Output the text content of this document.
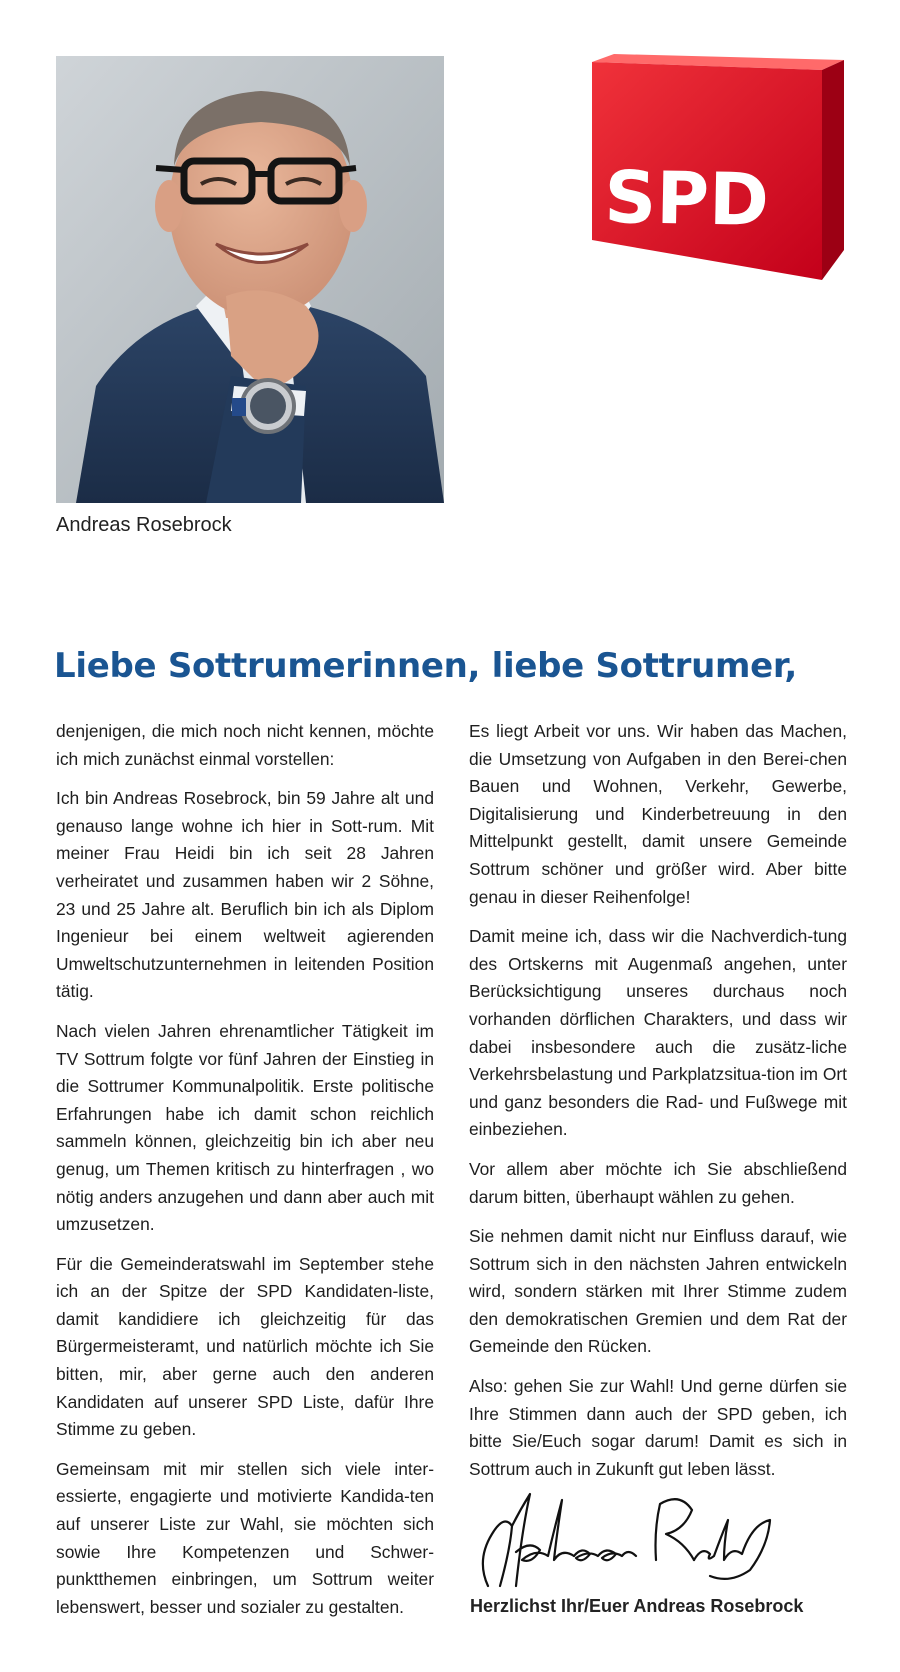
Andreas Rosebrock
SPD
Liebe Sottrumerinnen, liebe Sottrumer,

denjenigen, die mich noch nicht kennen, möchte ich mich zunächst einmal vorstellen:

Ich bin Andreas Rosebrock, bin 59 Jahre alt und genauso lange wohne ich hier in Sott-rum. Mit meiner Frau Heidi bin ich seit 28 Jahren verheiratet und zusammen haben wir 2 Söhne, 23 und 25 Jahre alt. Beruflich bin ich als Diplom Ingenieur bei einem weltweit agierenden Umweltschutzunternehmen in leitenden Position tätig.

Nach vielen Jahren ehrenamtlicher Tätigkeit im TV Sottrum folgte vor fünf Jahren der Einstieg in die Sottrumer Kommunalpolitik. Erste politische Erfahrungen habe ich damit schon reichlich sammeln können, gleichzeitig bin ich aber neu genug, um Themen kritisch zu hinterfragen , wo nötig anders anzugehen und dann aber auch mit umzusetzen.

Für die Gemeinderatswahl im September stehe ich an der Spitze der SPD Kandidaten-liste, damit kandidiere ich gleichzeitig für das Bürgermeisteramt, und natürlich möchte ich Sie bitten, mir, aber gerne auch den anderen Kandidaten auf unserer SPD Liste, dafür Ihre Stimme zu geben.

Gemeinsam mit mir stellen sich viele inter-essierte, engagierte und motivierte Kandida-ten auf unserer Liste zur Wahl, sie möchten sich sowie Ihre Kompetenzen und Schwer-punktthemen einbringen, um Sottrum weiter lebenswert, besser und sozialer zu gestalten.

Es liegt Arbeit vor uns. Wir haben das Machen, die Umsetzung von Aufgaben in den Berei-chen Bauen und Wohnen, Verkehr, Gewerbe, Digitalisierung und Kinderbetreuung in den Mittelpunkt gestellt, damit unsere Gemeinde Sottrum schöner und größer wird. Aber bitte genau in dieser Reihenfolge!

Damit meine ich, dass wir die Nachverdich-tung des Ortskerns mit Augenmaß angehen, unter Berücksichtigung unseres durchaus noch vorhanden dörflichen Charakters, und dass wir dabei insbesondere auch die zusätz-liche Verkehrsbelastung und Parkplatzsitua-tion im Ort und ganz besonders die Rad- und Fußwege mit einbeziehen.

Vor allem aber möchte ich Sie abschließend darum bitten, überhaupt wählen zu gehen.

Sie nehmen damit nicht nur Einfluss darauf, wie Sottrum sich in den nächsten Jahren entwickeln wird, sondern stärken mit Ihrer Stimme zudem den demokratischen Gremien und dem Rat der Gemeinde den Rücken.

Also: gehen Sie zur Wahl! Und gerne dürfen sie Ihre Stimmen dann auch der SPD geben, ich bitte Sie/Euch sogar darum! Damit es sich in Sottrum auch in Zukunft gut leben lässt.

Herzlichst Ihr/Euer Andreas Rosebrock
